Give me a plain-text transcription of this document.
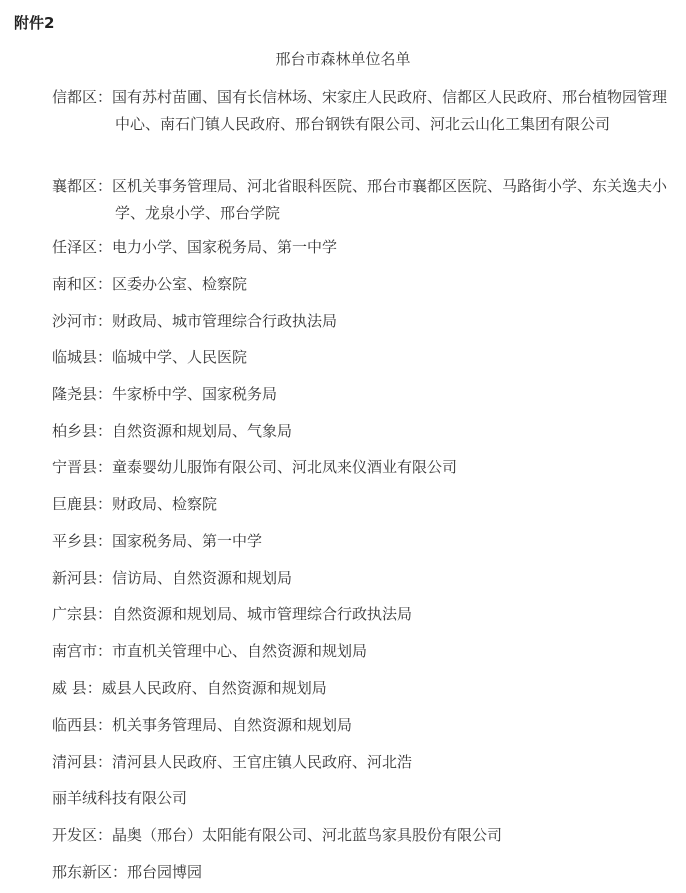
附件2
邢台市森林单位名单
信都区：国有苏村苗圃、国有长信林场、宋家庄人民政府、信都区人民政府、邢台植物园管理中心、南石门镇人民政府、邢台钢铁有限公司、河北云山化工集团有限公司
襄都区：区机关事务管理局、河北省眼科医院、邢台市襄都区医院、马路街小学、东关逸夫小学、龙泉小学、邢台学院
任泽区：电力小学、国家税务局、第一中学
南和区：区委办公室、检察院
沙河市：财政局、城市管理综合行政执法局
临城县：临城中学、人民医院
隆尧县：牛家桥中学、国家税务局
柏乡县：自然资源和规划局、气象局
宁晋县：童泰婴幼儿服饰有限公司、河北凤来仪酒业有限公司
巨鹿县：财政局、检察院
平乡县：国家税务局、第一中学
新河县：信访局、自然资源和规划局
广宗县：自然资源和规划局、城市管理综合行政执法局
南宫市：市直机关管理中心、自然资源和规划局
威 县：威县人民政府、自然资源和规划局
临西县：机关事务管理局、自然资源和规划局
清河县：清河县人民政府、王官庄镇人民政府、河北浩
丽羊绒科技有限公司
开发区：晶奥（邢台）太阳能有限公司、河北蓝鸟家具股份有限公司
邢东新区：邢台园博园
